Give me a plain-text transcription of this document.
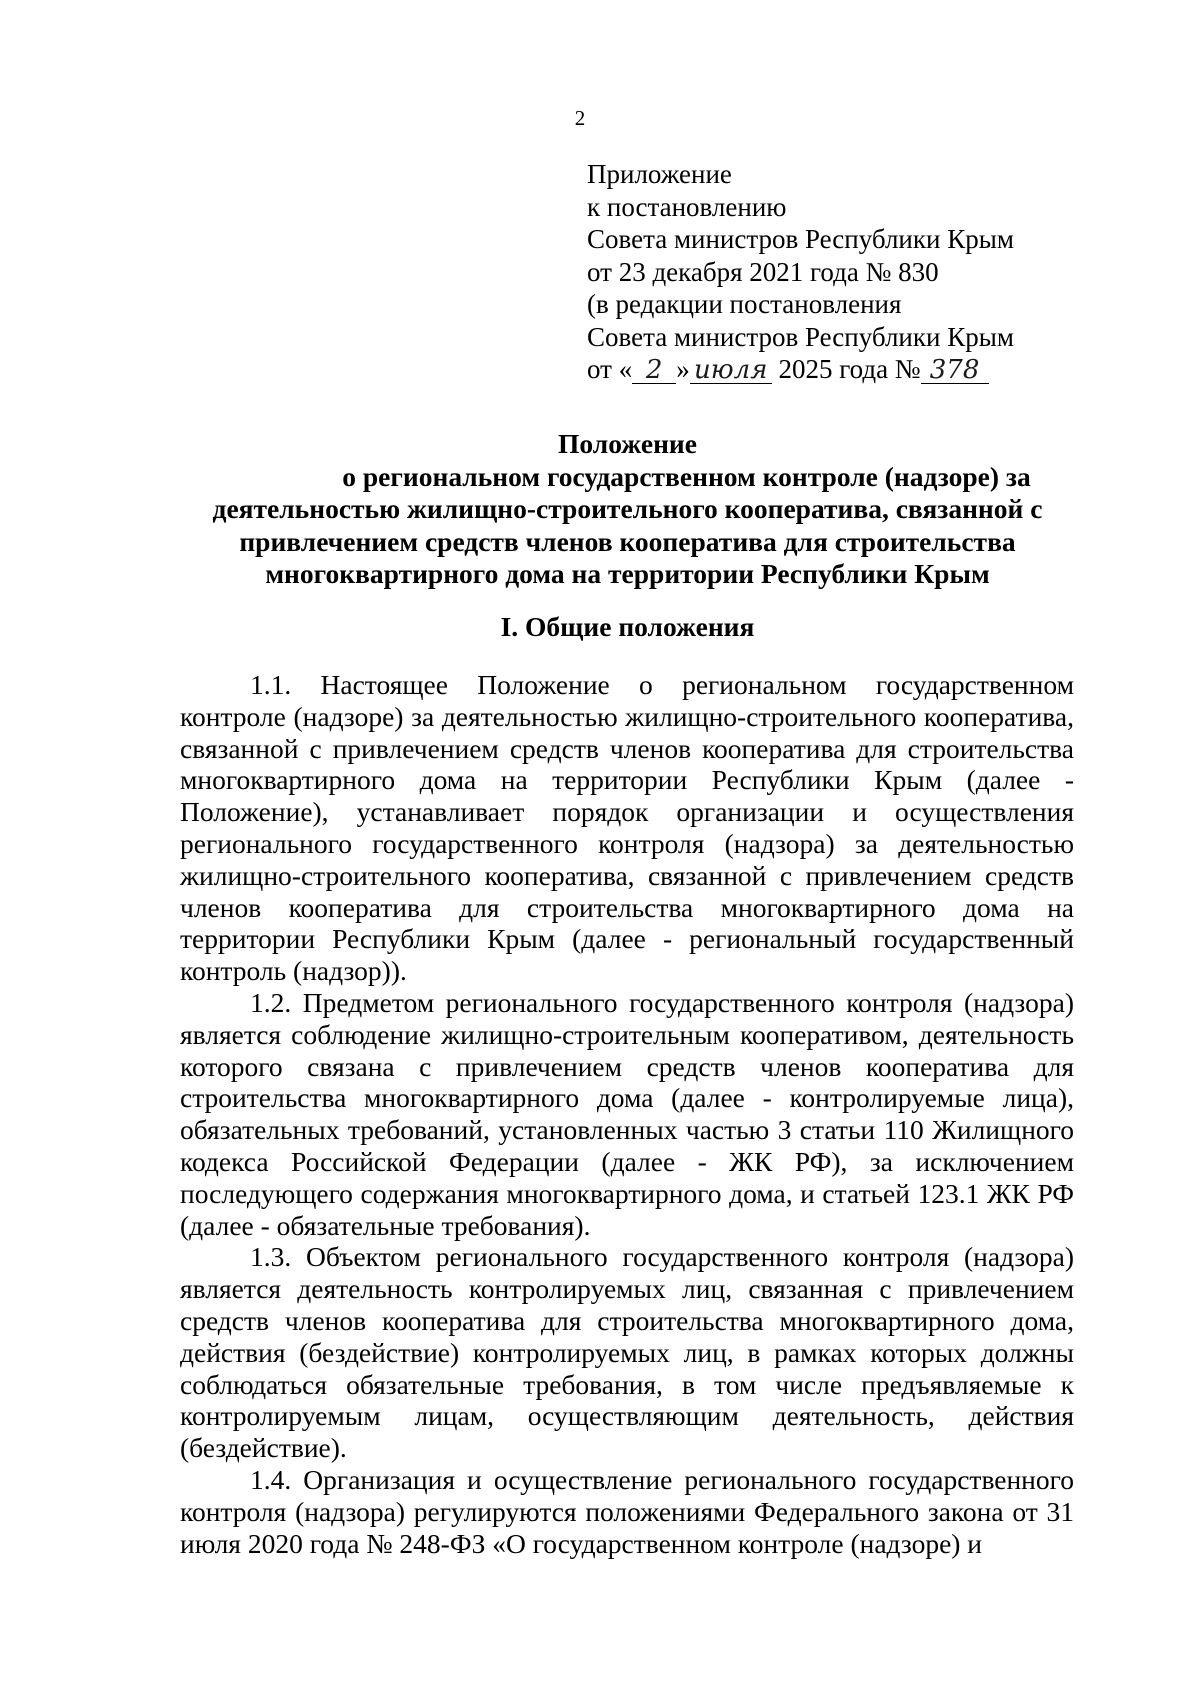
2
Приложение
к постановлению
Совета министров Республики Крым
от 23 декабря 2021 года № 830
(в редакции постановления
Совета министров Республики Крым
от « 2 » июля 2025 года № 378
Положение
о региональном государственном контроле (надзоре) за
деятельностью жилищно-строительного кооператива, связанной с
привлечением средств членов кооператива для строительства
многоквартирного дома на территории Республики Крым
I. Общие положения

1.1. Настоящее Положение о региональном государственном контроле (надзоре) за деятельностью жилищно-строительного кооператива, связанной с привлечением средств членов кооператива для строительства многоквартирного дома на территории Республики Крым (далее - Положение), устанавливает порядок организации и осуществления регионального государственного контроля (надзора) за деятельностью жилищно-строительного кооператива, связанной с привлечением средств членов кооператива для строительства многоквартирного дома на территории Республики Крым (далее - региональный государственный контроль (надзор)).

1.2. Предметом регионального государственного контроля (надзора) является соблюдение жилищно-строительным кооперативом, деятельность которого связана с привлечением средств членов кооператива для строительства многоквартирного дома (далее - контролируемые лица), обязательных требований, установленных частью 3 статьи 110 Жилищного кодекса Российской Федерации (далее - ЖК РФ), за исключением последующего содержания многоквартирного дома, и статьей 123.1 ЖК РФ (далее - обязательные требования).

1.3. Объектом регионального государственного контроля (надзора) является деятельность контролируемых лиц, связанная с привлечением средств членов кооператива для строительства многоквартирного дома, действия (бездействие) контролируемых лиц, в рамках которых должны соблюдаться обязательные требования, в том числе предъявляемые к контролируемым лицам, осуществляющим деятельность, действия (бездействие).

1.4. Организация и осуществление регионального государственного контроля (надзора) регулируются положениями Федерального закона от 31 июля 2020 года № 248-ФЗ «О государственном контроле (надзоре) и
